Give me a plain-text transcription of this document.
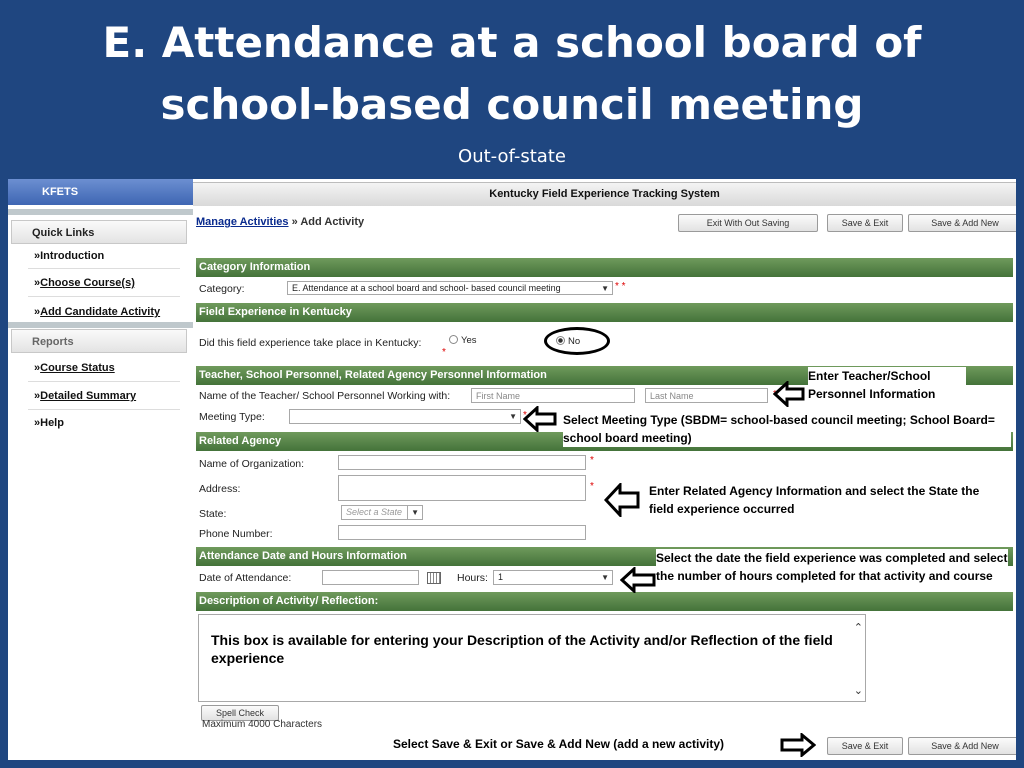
E. Attendance at a school board of
school-based council meeting
Out-of-state
KFETS	Kentucky Field Experience Tracking System
Quick Links
»Introduction
»Choose Course(s)
»Add Candidate Activity
Reports
»Course Status
»Detailed Summary
»Help
Manage Activities » Add Activity	Exit With Out Saving	Save & Exit	Save & Add New
Category Information
Category:	E. Attendance at a school board and school- based council meeting	▼ * *
Field Experience in Kentucky
Did this field experience take place in Kentucky:
*
Yes	No
Teacher, School Personnel, Related Agency Personnel Information
Name of the Teacher/ School Personnel Working with:	First Name	Last Name
Meeting Type:	▼ *
Related Agency
Name of Organization:	*
Address:	*
State:	Select a State	▼
Phone Number:
Attendance Date and Hours Information
Date of Attendance:	Hours:	1	▼
Description of Activity/ Reflection:
This box is available for entering your Description of the Activity and/or Reflection of the field experience
⌃
⌄
Spell Check
Maximum 4000 Characters
Save & Exit	Save & Add New
Enter Teacher/School Personnel Information
Select Meeting Type (SBDM= school-based council meeting; School Board= school board meeting)
Enter Related Agency Information and select the State the field experience occurred
Select the date the field experience was completed and select the number of hours completed for that activity and course
Select Save & Exit or Save & Add New (add a new activity)
